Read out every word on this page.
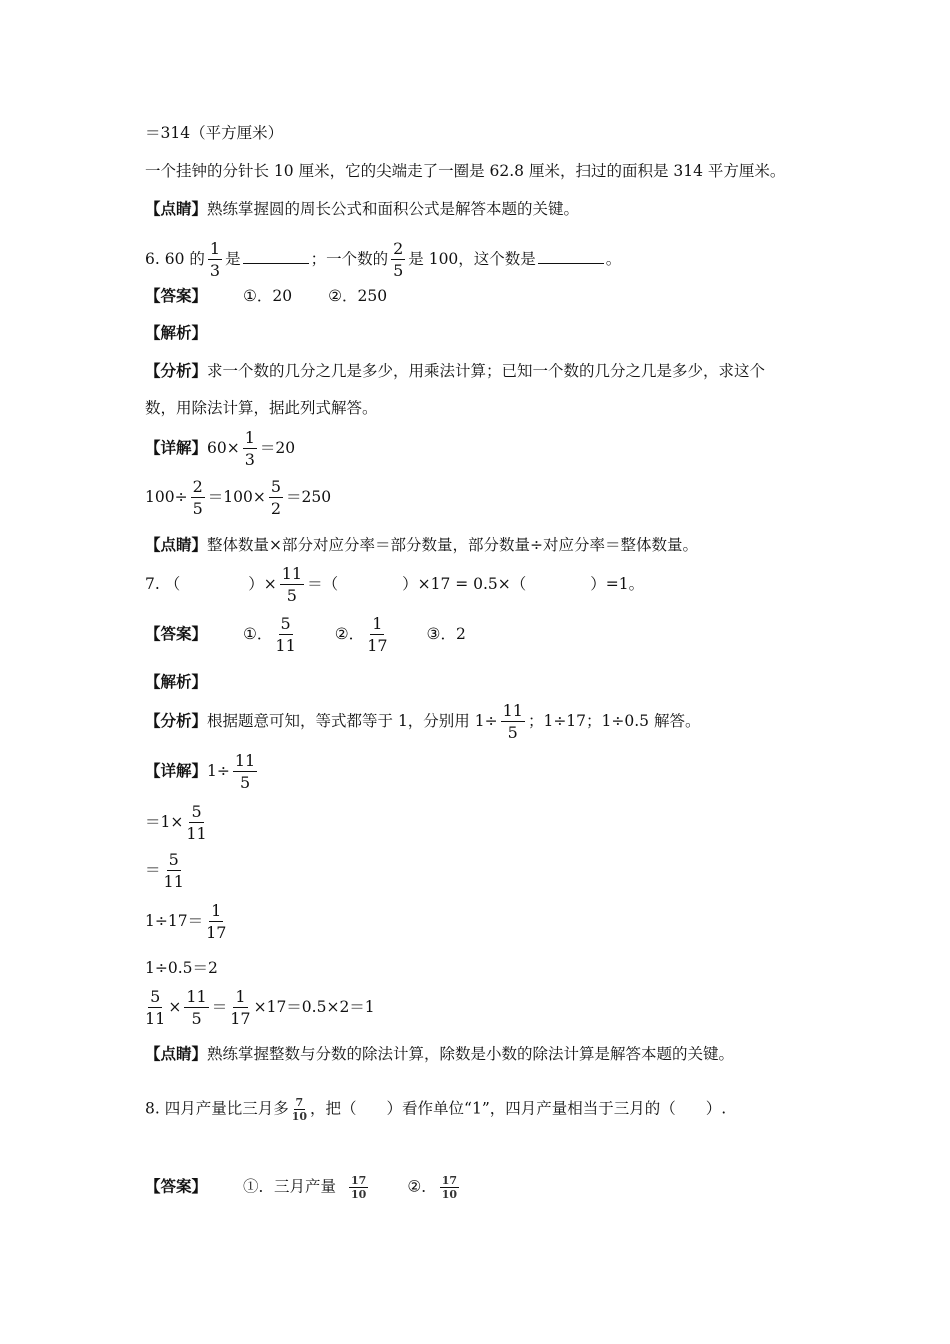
＝314（平方厘米）
一个挂钟的分针长 10 厘米，它的尖端走了一圈是 62.8 厘米，扫过的面积是 314 平方厘米。
【点睛】熟练掌握圆的周长公式和面积公式是解答本题的关键。
6. 60 的 $\frac{1}{3}$ 是	；一个数的 $\frac{2}{5}$ 是 100，这个数是	。
【答案】 ①．20 ②．250
【解析】
【分析】求一个数的几分之几是多少，用乘法计算；已知一个数的几分之几是多少，求这个
数，用除法计算，据此列式解答。
【详解】$60\times \frac{1}{3} =20$
$100\div \frac{2}{5} =100\times \frac{5}{2} =250$
【点睛】整体数量×部分对应分率＝部分数量，部分数量÷对应分率＝整体数量。
7. （	）× $\frac{11}{5}$ ＝（	）×17 = 0.5×（	）=1。
【答案】 ①． $\frac{5}{11}$	②． $\frac{1}{17}$	③．2
【解析】
【分析】根据题意可知，等式都等于 1，分别用 $1\div \frac{11}{5}$ ；1÷17；1÷0.5 解答。
【详解】$1\div \frac{11}{5}$
$=1\times \frac{5}{11}$
＝ $\frac{5}{11}$
$1\div 17= \frac{1}{17}$
1÷0.5＝2
$\frac{5}{11} \times \frac{11}{5} = \frac{1}{17} \times 17=0.5\times 2=1$
【点睛】熟练掌握整数与分数的除法计算，除数是小数的除法计算是解答本题的关键。
8. 四月产量比三月多 $\frac{7}{10}$ ，把（ ）看作单位“1”，四月产量相当于三月的（ ）.
【答案】 ①．三月产量 $\frac{17}{10}$	②． $\frac{17}{10}$
